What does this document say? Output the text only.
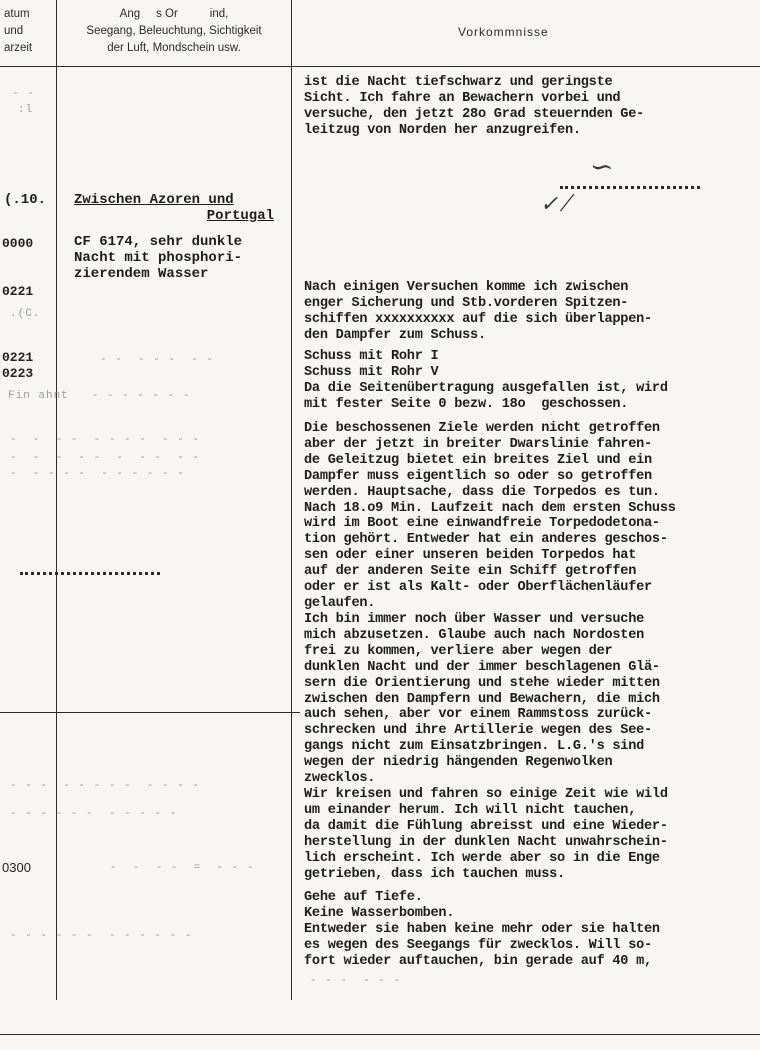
atum
und
arzeit
Ang     s Or          ind,
Seegang, Beleuchtung, Sichtigkeit
der Luft, Mondschein usw.
Vorkommnisse
- -
:l
.(C.
- -  - - -  - -
Fin ahnt   - - - - - - -
-  -  - -  - - - -  - - -
-  -  -  - -  -  - -  - -
-  - - - -  - - - - - -
- - -  - - - - -  - - - -
- - - - - -  - - - - -
-  -  - -  =  - - -
- - - - - -  - - - - - -
- - -  - - -
∽
✓ ⁄
(.10. Zwischen Azoren und
Portugal
CF 6174, sehr dunkle
Nacht mit phosphori-
zierendem Wasser
0000
0221
0221
0223
0300
ist die Nacht tiefschwarz und geringste
Sicht. Ich fahre an Bewachern vorbei und
versuche, den jetzt 28o Grad steuernden Ge-
leitzug von Norden her anzugreifen.
Nach einigen Versuchen komme ich zwischen
enger Sicherung und Stb.vorderen Spitzen-
schiffen xxxxxxxxxx auf die sich überlappen-
den Dampfer zum Schuss.
Schuss mit Rohr I
Schuss mit Rohr V
Da die Seitenübertragung ausgefallen ist, wird
mit fester Seite 0 bezw. 18o  geschossen.
Die beschossenen Ziele werden nicht getroffen
aber der jetzt in breiter Dwarslinie fahren-
de Geleitzug bietet ein breites Ziel und ein
Dampfer muss eigentlich so oder so getroffen
werden. Hauptsache, dass die Torpedos es tun.
Nach 18.o9 Min. Laufzeit nach dem ersten Schuss
wird im Boot eine einwandfreie Torpedodetona-
tion gehört. Entweder hat ein anderes geschos-
sen oder einer unseren beiden Torpedos hat
auf der anderen Seite ein Schiff getroffen
oder er ist als Kalt- oder Oberflächenläufer
gelaufen.
Ich bin immer noch über Wasser und versuche
mich abzusetzen. Glaube auch nach Nordosten
frei zu kommen, verliere aber wegen der
dunklen Nacht und der immer beschlagenen Glä-
sern die Orientierung und stehe wieder mitten
zwischen den Dampfern und Bewachern, die mich
auch sehen, aber vor einem Rammstoss zurück-
schrecken und ihre Artillerie wegen des See-
gangs nicht zum Einsatzbringen. L.G.'s sind
wegen der niedrig hängenden Regenwolken
zwecklos.
Wir kreisen und fahren so einige Zeit wie wild
um einander herum. Ich will nicht tauchen,
da damit die Fühlung abreisst und eine Wieder-
herstellung in der dunklen Nacht unwahrschein-
lich erscheint. Ich werde aber so in die Enge
getrieben, dass ich tauchen muss.
Gehe auf Tiefe.
Keine Wasserbomben.
Entweder sie haben keine mehr oder sie halten
es wegen des Seegangs für zwecklos. Will so-
fort wieder auftauchen, bin gerade auf 40 m,
